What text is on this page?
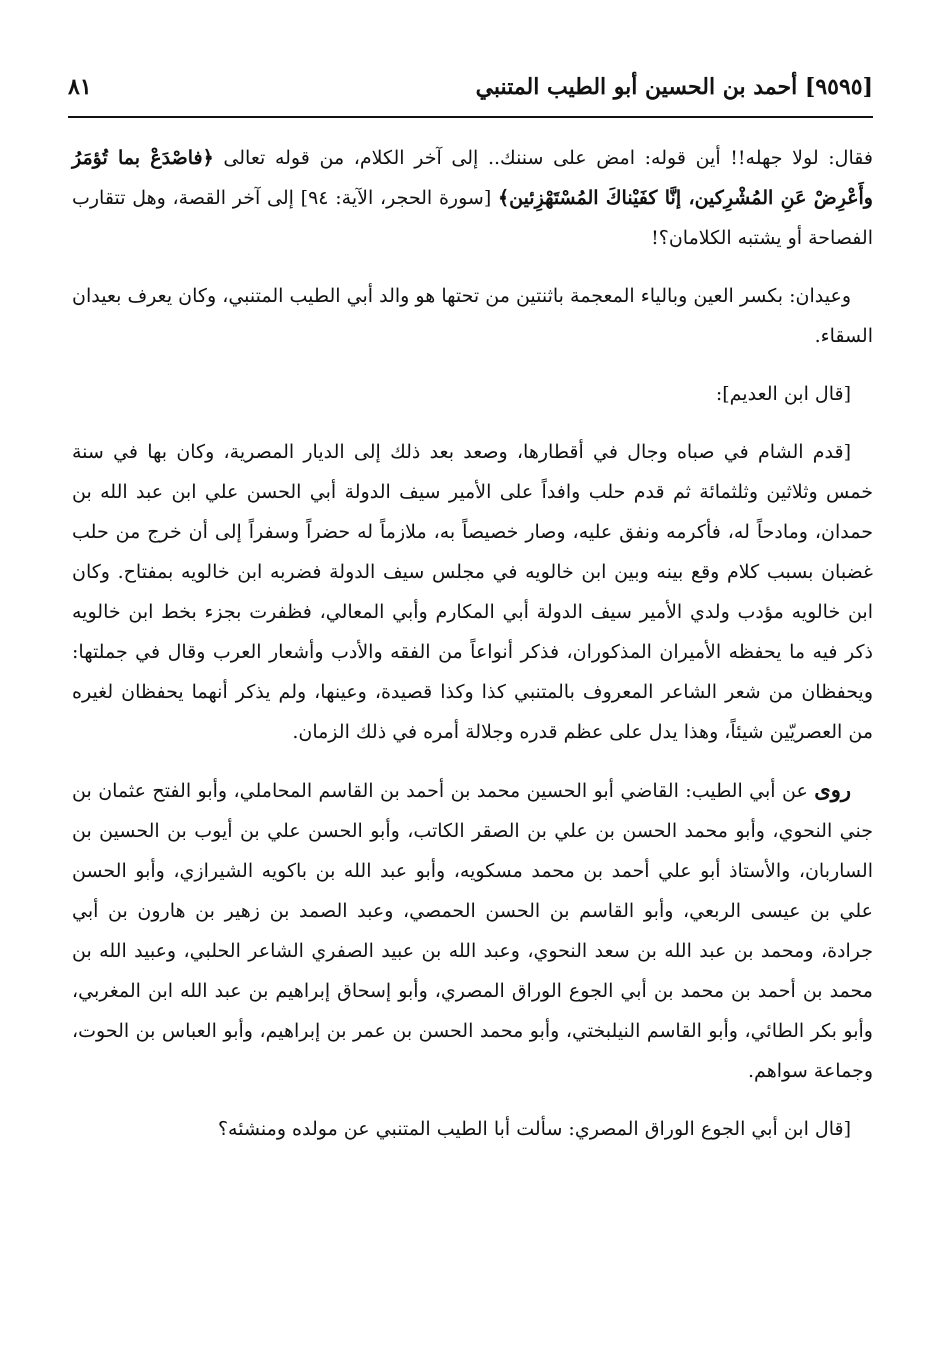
٨١	[٩٥٩٥] أحمد بن الحسين أبو الطيب المتنبي

فقال: لولا جهله!! أين قوله: امض على سننك.. إلى آخر الكلام، من قوله تعالى ﴿فاصْدَعْ بما تُؤمَرُ وأَعْرِضْ عَنِ المُشْرِكين، إنَّا كفَيْناكَ المُسْتَهْزِئين﴾ [سورة الحجر، الآية: ٩٤] إلى آخر القصة، وهل تتقارب الفصاحة أو يشتبه الكلامان؟!

وعيدان: بكسر العين وبالياء المعجمة باثنتين من تحتها هو والد أبي الطيب المتنبي، وكان يعرف بعيدان السقاء.

[قال ابن العديم]:

[قدم الشام في صباه وجال في أقطارها، وصعد بعد ذلك إلى الديار المصرية، وكان بها في سنة خمس وثلاثين وثلثمائة ثم قدم حلب وافداً على الأمير سيف الدولة أبي الحسن علي ابن عبد الله بن حمدان، ومادحاً له، فأكرمه ونفق عليه، وصار خصيصاً به، ملازماً له حضراً وسفراً إلى أن خرج من حلب غضبان بسبب كلام وقع بينه وبين ابن خالويه في مجلس سيف الدولة فضربه ابن خالويه بمفتاح. وكان ابن خالويه مؤدب ولدي الأمير سيف الدولة أبي المكارم وأبي المعالي، فظفرت بجزء بخط ابن خالويه ذكر فيه ما يحفظه الأميران المذكوران، فذكر أنواعاً من الفقه والأدب وأشعار العرب وقال في جملتها: ويحفظان من شعر الشاعر المعروف بالمتنبي كذا وكذا قصيدة، وعينها، ولم يذكر أنهما يحفظان لغيره من العصريّين شيئاً، وهذا يدل على عظم قدره وجلالة أمره في ذلك الزمان.

روى عن أبي الطيب: القاضي أبو الحسين محمد بن أحمد بن القاسم المحاملي، وأبو الفتح عثمان بن جني النحوي، وأبو محمد الحسن بن علي بن الصقر الكاتب، وأبو الحسن علي بن أيوب بن الحسين بن الساربان، والأستاذ أبو علي أحمد بن محمد مسكويه، وأبو عبد الله بن باكويه الشيرازي، وأبو الحسن علي بن عيسى الربعي، وأبو القاسم بن الحسن الحمصي، وعبد الصمد بن زهير بن هارون بن أبي جرادة، ومحمد بن عبد الله بن سعد النحوي، وعبد الله بن عبيد الصفري الشاعر الحلبي، وعبيد الله بن محمد بن أحمد بن محمد بن أبي الجوع الوراق المصري، وأبو إسحاق إبراهيم بن عبد الله ابن المغربي، وأبو بكر الطائي، وأبو القاسم النيلبختي، وأبو محمد الحسن بن عمر بن إبراهيم، وأبو العباس بن الحوت، وجماعة سواهم.

[قال ابن أبي الجوع الوراق المصري: سألت أبا الطيب المتنبي عن مولده ومنشئه؟
